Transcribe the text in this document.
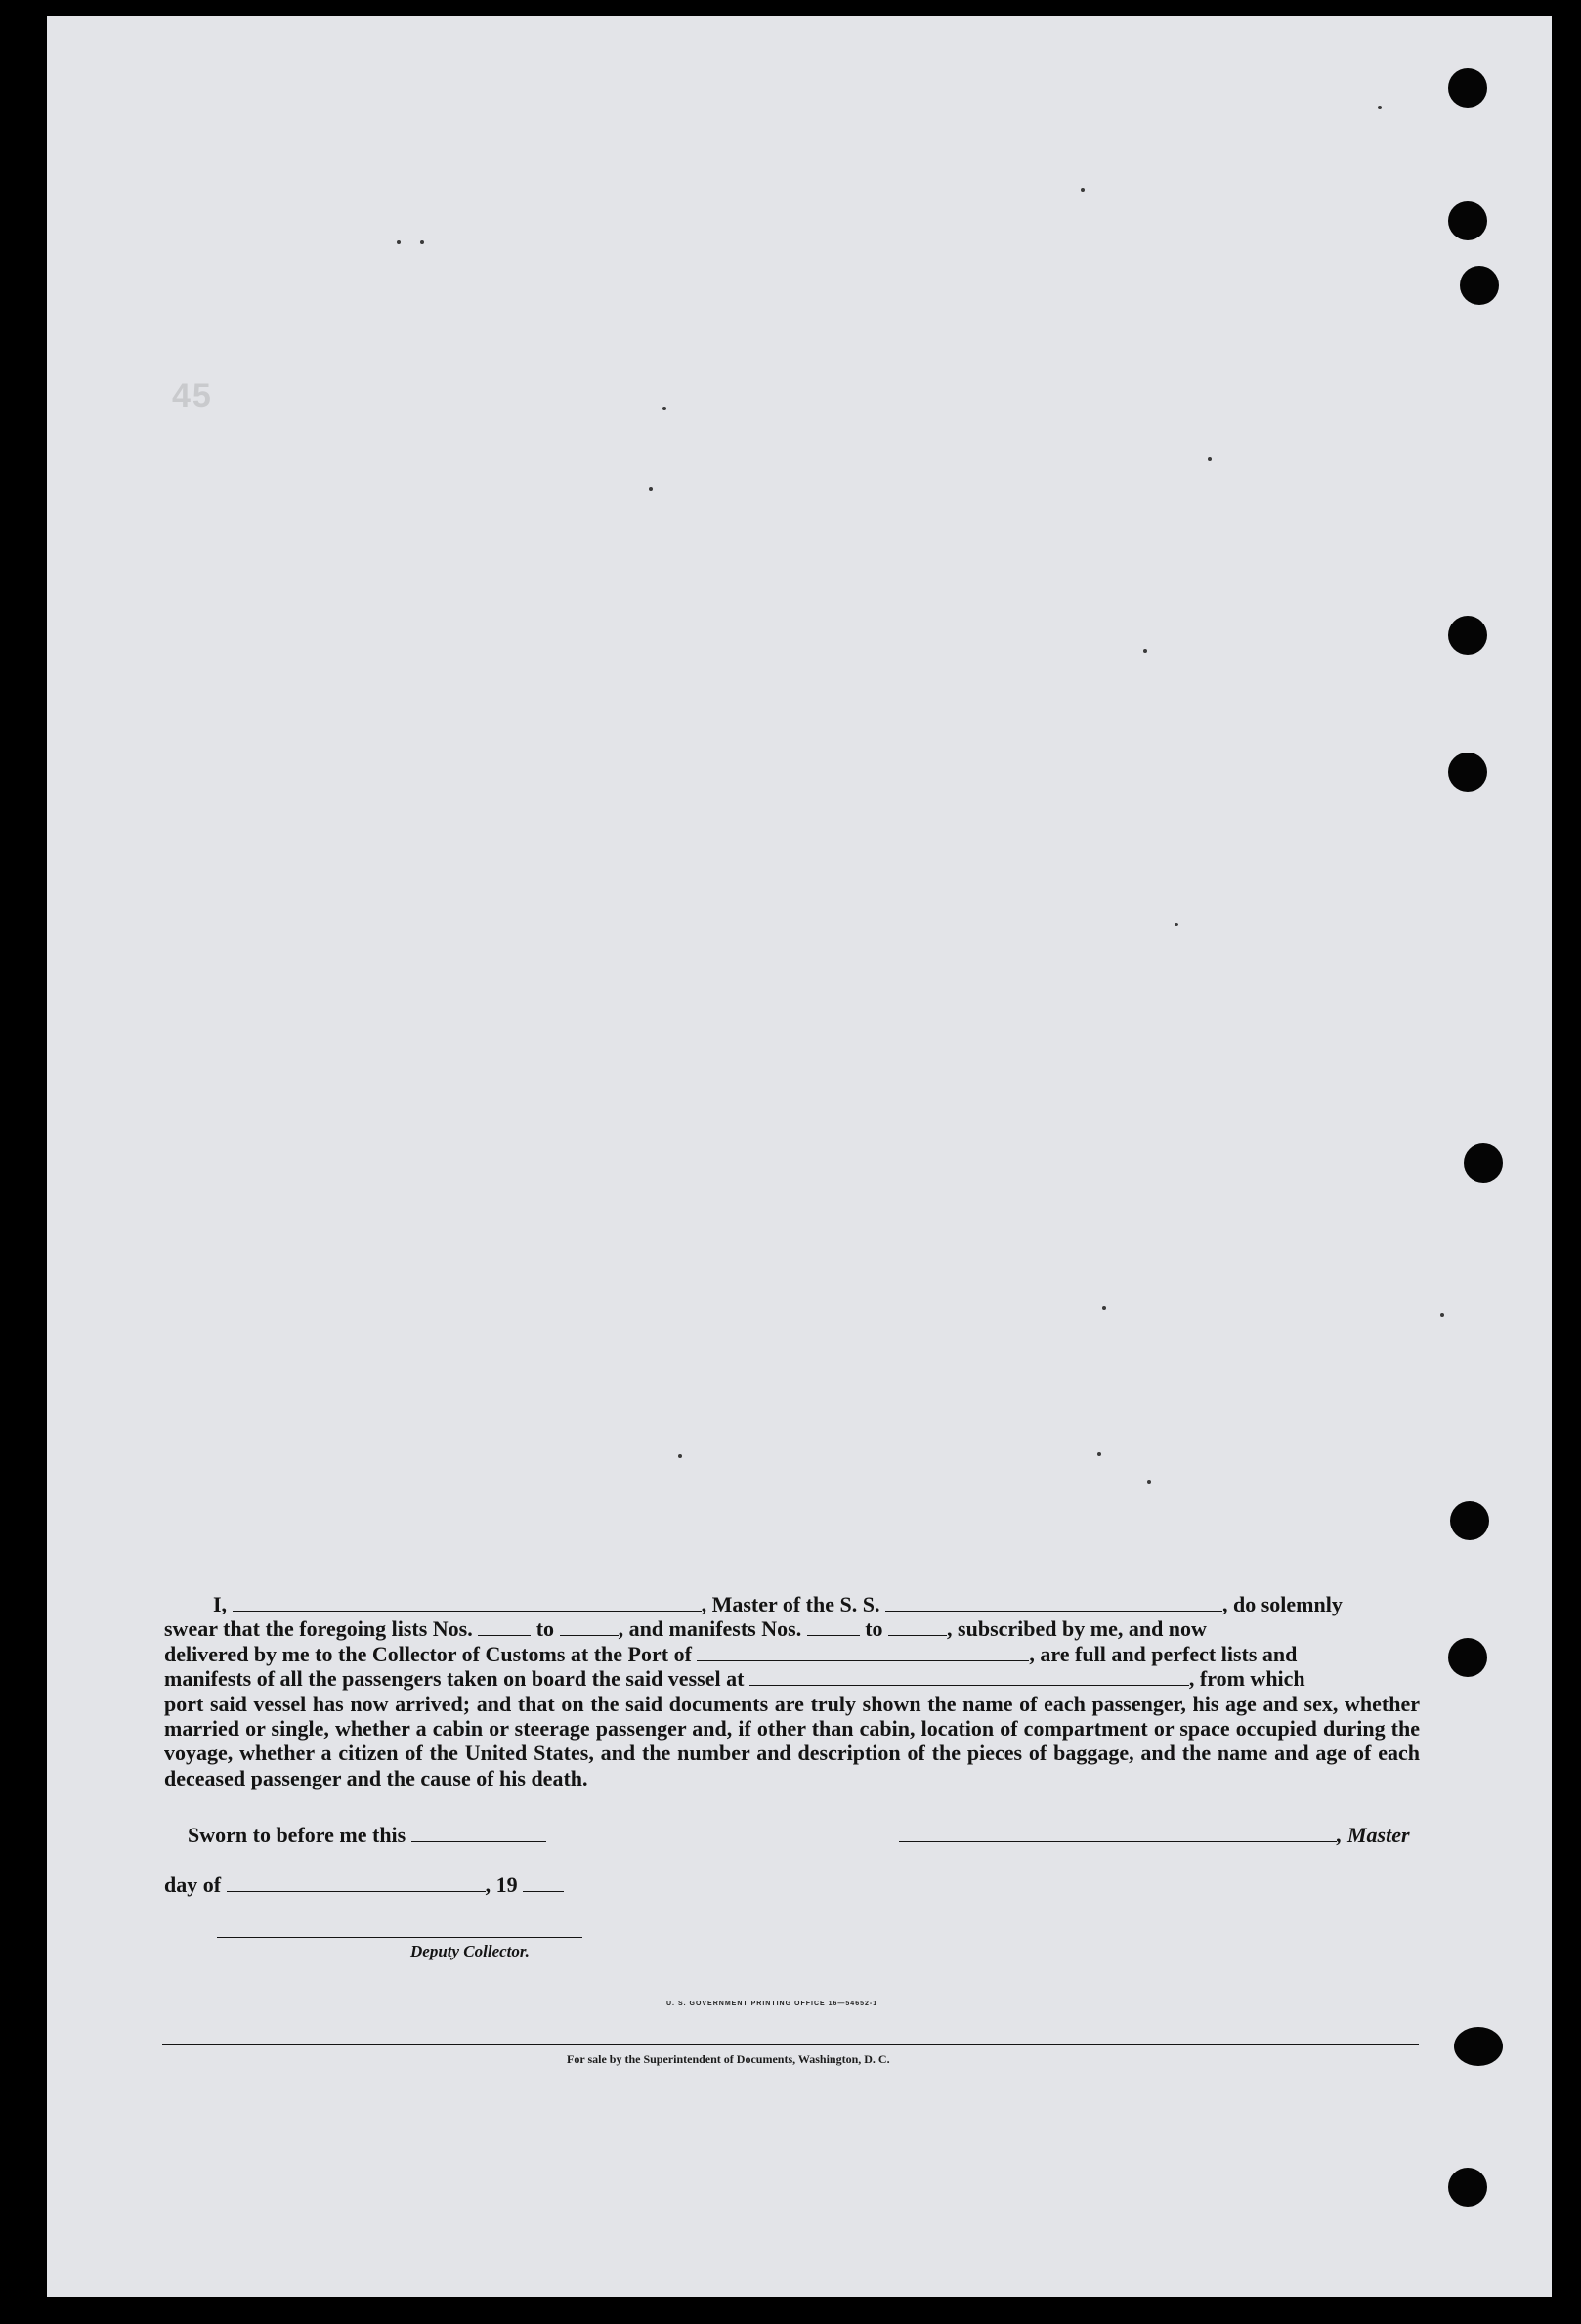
45
I,	, Master of the S. S.	, do solemnly
swear that the foregoing lists Nos.	to	, and manifests Nos.	to	, subscribed by me, and now
delivered by me to the Collector of Customs at the Port of	, are full and perfect lists and
manifests of all the passengers taken on board the said vessel at	, from which
port said vessel has now arrived; and that on the said documents are truly shown the name of each passenger, his age and sex, whether married or single, whether a cabin or steerage passenger and, if other than cabin, location of compartment or space occupied during the voyage, whether a citizen of the United States, and the number and description of the pieces of baggage, and the name and age of each deceased passenger and the cause of his death.
Sworn to before me this	, Master
day of	, 19
Deputy Collector.
U. S. GOVERNMENT PRINTING OFFICE 16—54652-1
For sale by the Superintendent of Documents, Washington, D. C.
